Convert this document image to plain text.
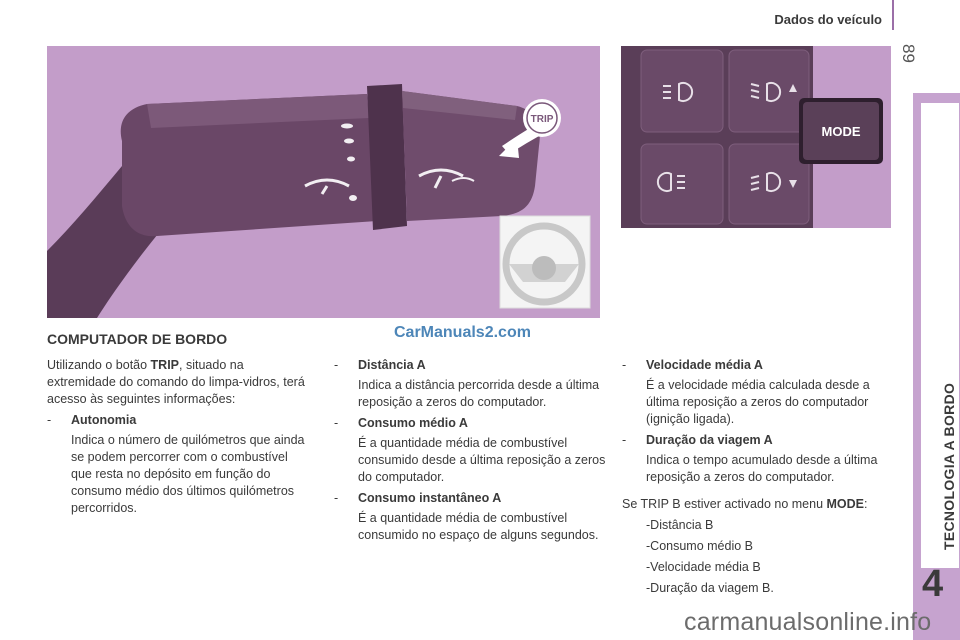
Dados do veículo
89
TECNOLOGIA A BORDO
4
TRIP
MODE
CarManuals2.com
COMPUTADOR DE BORDO

Utilizando o botão TRIP, situado na extremidade do comando do limpa-vidros, terá acesso às seguintes informações:

- Autonomia
Indica o número de quilómetros que ainda se podem percorrer com o combustível que resta no depósito em função do consumo médio dos últimos quilómetros percorridos.
- Distância A
Indica a distância percorrida desde a última reposição a zeros do computador.
- Consumo médio A
É a quantidade média de combustível consumido desde a última reposição a zeros do computador.
- Consumo instantâneo A
É a quantidade média de combustível consumido no espaço de alguns segundos.
- Velocidade média A
É a velocidade média calculada desde a última reposição a zeros do computador (ignição ligada).
- Duração da viagem A
Indica o tempo acumulado desde a última reposição a zeros do computador.

Se TRIP B estiver activado no menu MODE:

-Distância B
-Consumo médio B
-Velocidade média B
-Duração da viagem B.
carmanualsonline.info
